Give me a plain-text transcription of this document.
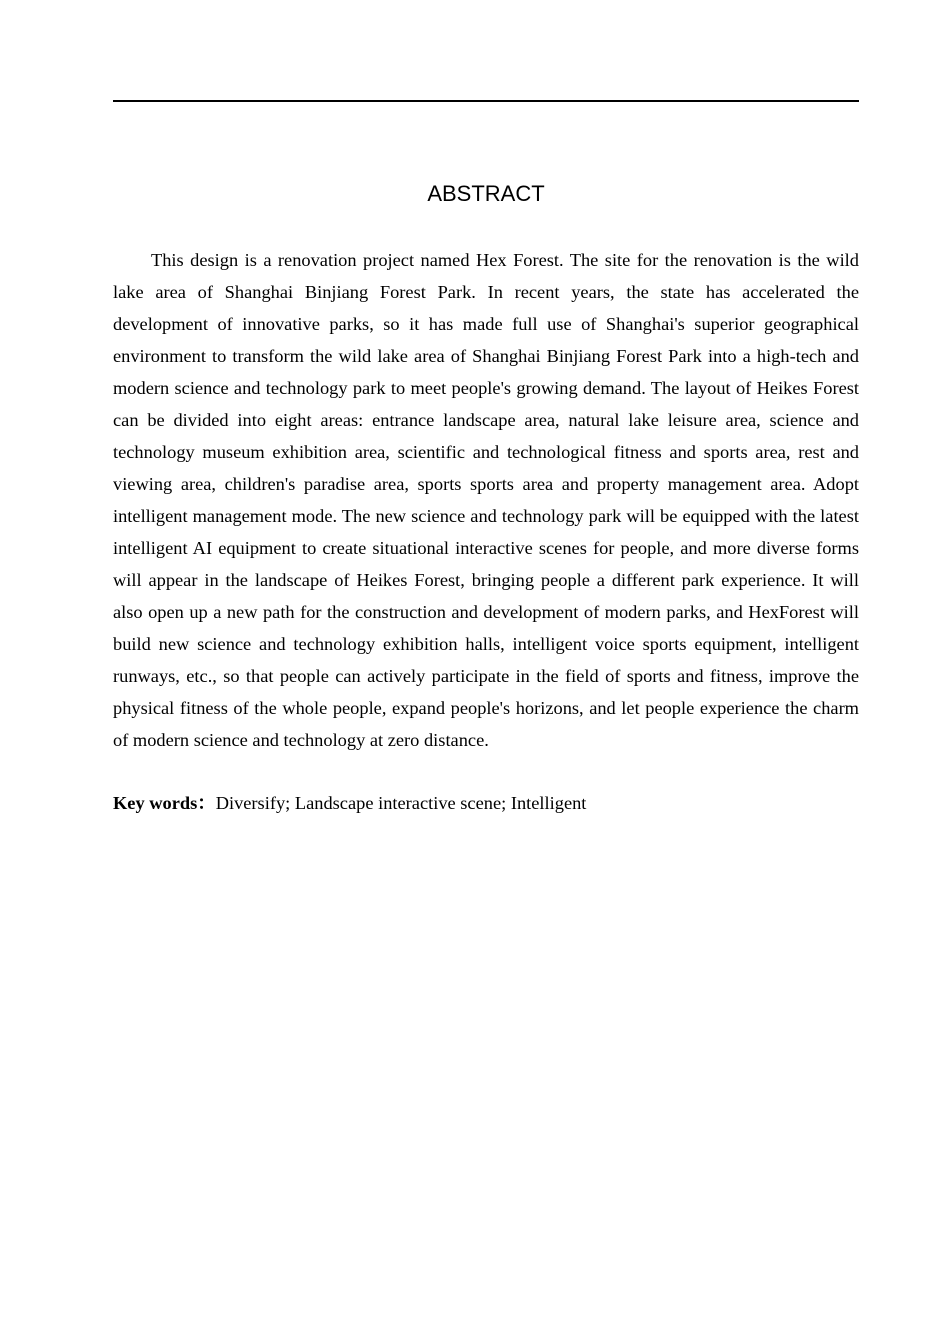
ABSTRACT

This design is a renovation project named Hex Forest. The site for the renovation is the wild lake area of Shanghai Binjiang Forest Park. In recent years, the state has accelerated the development of innovative parks, so it has made full use of Shanghai's superior geographical environment to transform the wild lake area of Shanghai Binjiang Forest Park into a high-tech and modern science and technology park to meet people's growing demand. The layout of Heikes Forest can be divided into eight areas: entrance landscape area, natural lake leisure area, science and technology museum exhibition area, scientific and technological fitness and sports area, rest and viewing area, children's paradise area, sports sports area and property management area. Adopt intelligent management mode. The new science and technology park will be equipped with the latest intelligent AI equipment to create situational interactive scenes for people, and more diverse forms will appear in the landscape of Heikes Forest, bringing people a different park experience. It will also open up a new path for the construction and development of modern parks, and HexForest will build new science and technology exhibition halls, intelligent voice sports equipment, intelligent runways, etc., so that people can actively participate in the field of sports and fitness, improve the physical fitness of the whole people, expand people's horizons, and let people experience the charm of modern science and technology at zero distance.

Key words：Diversify; Landscape interactive scene; Intelligent
